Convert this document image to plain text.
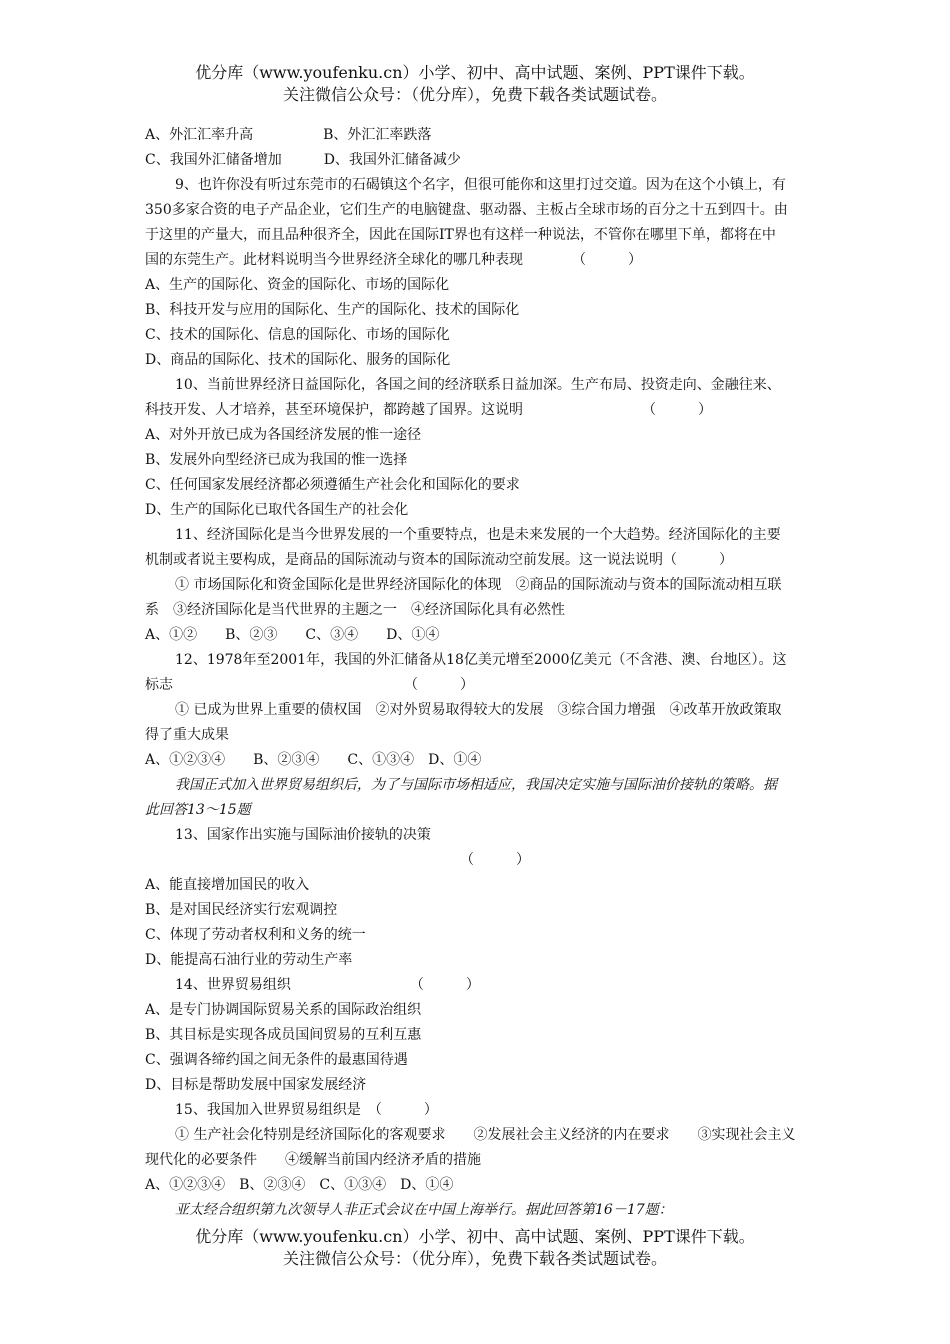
优分库（www.youfenku.cn）小学、初中、高中试题、案例、PPT课件下载。
关注微信公众号：（优分库），免费下载各类试题试卷。
A、外汇汇率升高　　　　　B、外汇汇率跌落
C、我国外汇储备增加　　　D、我国外汇储备减少
9、也许你没有听过东莞市的石碣镇这个名字，但很可能你和这里打过交道。因为在这个小镇上，有
350多家合资的电子产品企业，它们生产的电脑键盘、驱动器、主板占全球市场的百分之十五到四十。由
于这里的产量大，而且品种很齐全，因此在国际IT界也有这样一种说法，不管你在哪里下单，都将在中
国的东莞生产。此材料说明当今世界经济全球化的哪几种表现　　　　（　　　）
A、生产的国际化、资金的国际化、市场的国际化
B、科技开发与应用的国际化、生产的国际化、技术的国际化
C、技术的国际化、信息的国际化、市场的国际化
D、商品的国际化、技术的国际化、服务的国际化
10、当前世界经济日益国际化，各国之间的经济联系日益加深。生产布局、投资走向、金融往来、
科技开发、人才培养，甚至环境保护，都跨越了国界。这说明　　　　　　　　　（　　　）
A、对外开放已成为各国经济发展的惟一途径
B、发展外向型经济已成为我国的惟一选择
C、任何国家发展经济都必须遵循生产社会化和国际化的要求
D、生产的国际化已取代各国生产的社会化
11、经济国际化是当今世界发展的一个重要特点，也是未来发展的一个大趋势。经济国际化的主要
机制或者说主要构成，是商品的国际流动与资本的国际流动空前发展。这一说法说明（　　　）
① 市场国际化和资金国际化是世界经济国际化的体现　②商品的国际流动与资本的国际流动相互联
系　③经济国际化是当代世界的主题之一　④经济国际化具有必然性
A、①②　　B、②③　　C、③④　　D、①④
12、1978年至2001年，我国的外汇储备从18亿美元增至2000亿美元（不含港、澳、台地区）。这
标志　　　　　　　　　　　　　　　　　（　　　）
① 已成为世界上重要的债权国　②对外贸易取得较大的发展　③综合国力增强　④改革开放政策取
得了重大成果
A、①②③④　　B、②③④　　C、①③④　D、①④
我国正式加入世界贸易组织后，为了与国际市场相适应，我国决定实施与国际油价接轨的策略。据
此回答13～15题
13、国家作出实施与国际油价接轨的决策
　　　　　　　　　　　　　　　　　　　　　　　（　　　）
A、能直接增加国民的收入
B、是对国民经济实行宏观调控
C、体现了劳动者权利和义务的统一
D、能提高石油行业的劳动生产率
14、世界贸易组织　　　　　　　　　（　　　）
A、是专门协调国际贸易关系的国际政治组织
B、其目标是实现各成员国间贸易的互利互惠
C、强调各缔约国之间无条件的最惠国待遇
D、目标是帮助发展中国家发展经济
15、我国加入世界贸易组织是　（　　　）
① 生产社会化特别是经济国际化的客观要求　　②发展社会主义经济的内在要求　　③实现社会主义
现代化的必要条件　　④缓解当前国内经济矛盾的措施
A、①②③④　B、②③④　C、①③④　D、①④
亚太经合组织第九次领导人非正式会议在中国上海举行。据此回答第16－17题：
优分库（www.youfenku.cn）小学、初中、高中试题、案例、PPT课件下载。
关注微信公众号：（优分库），免费下载各类试题试卷。
